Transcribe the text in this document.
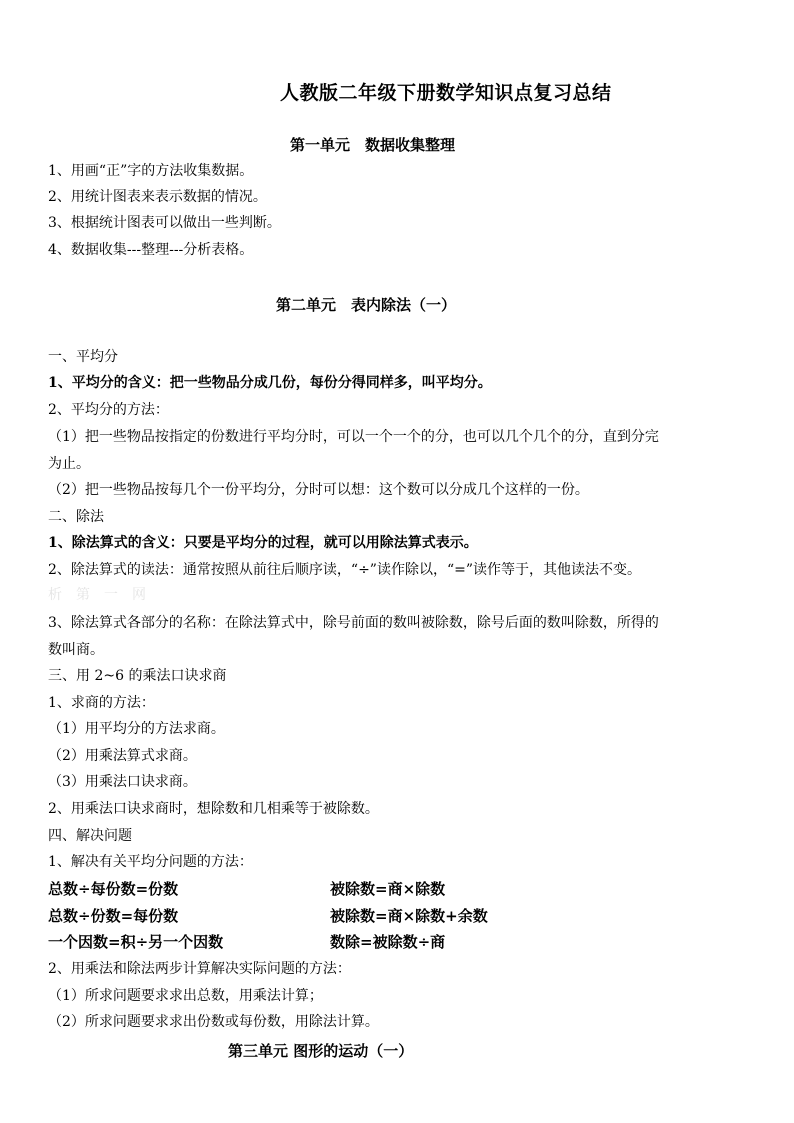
人教版二年级下册数学知识点复习总结
第一单元　数据收集整理
1、用画“正”字的方法收集数据。
2、用统计图表来表示数据的情况。
3、根据统计图表可以做出一些判断。
4、数据收集---整理---分析表格。
第二单元　表内除法（一）
一、平均分
1、平均分的含义：把一些物品分成几份，每份分得同样多，叫平均分。
2、平均分的方法：
（1）把一些物品按指定的份数进行平均分时，可以一个一个的分，也可以几个几个的分，直到分完
为止。
（2）把一些物品按每几个一份平均分，分时可以想：这个数可以分成几个这样的一份。
二、除法
1、除法算式的含义：只要是平均分的过程，就可以用除法算式表示。
2、除法算式的读法：通常按照从前往后顺序读，“÷”读作除以，“=”读作等于，其他读法不变。
析第一网
3、除法算式各部分的名称：在除法算式中，除号前面的数叫被除数，除号后面的数叫除数，所得的
数叫商。
三、用 2~6 的乘法口诀求商
1、求商的方法：
（1）用平均分的方法求商。
（2）用乘法算式求商。
（3）用乘法口诀求商。
2、用乘法口诀求商时，想除数和几相乘等于被除数。
四、解决问题
1、解决有关平均分问题的方法：
总数÷每份数=份数	被除数=商×除数
总数÷份数=每份数	被除数=商×除数+余数
一个因数=积÷另一个因数	数除=被除数÷商
2、用乘法和除法两步计算解决实际问题的方法：
（1）所求问题要求求出总数，用乘法计算；
（2）所求问题要求求出份数或每份数，用除法计算。
第三单元 图形的运动（一）
